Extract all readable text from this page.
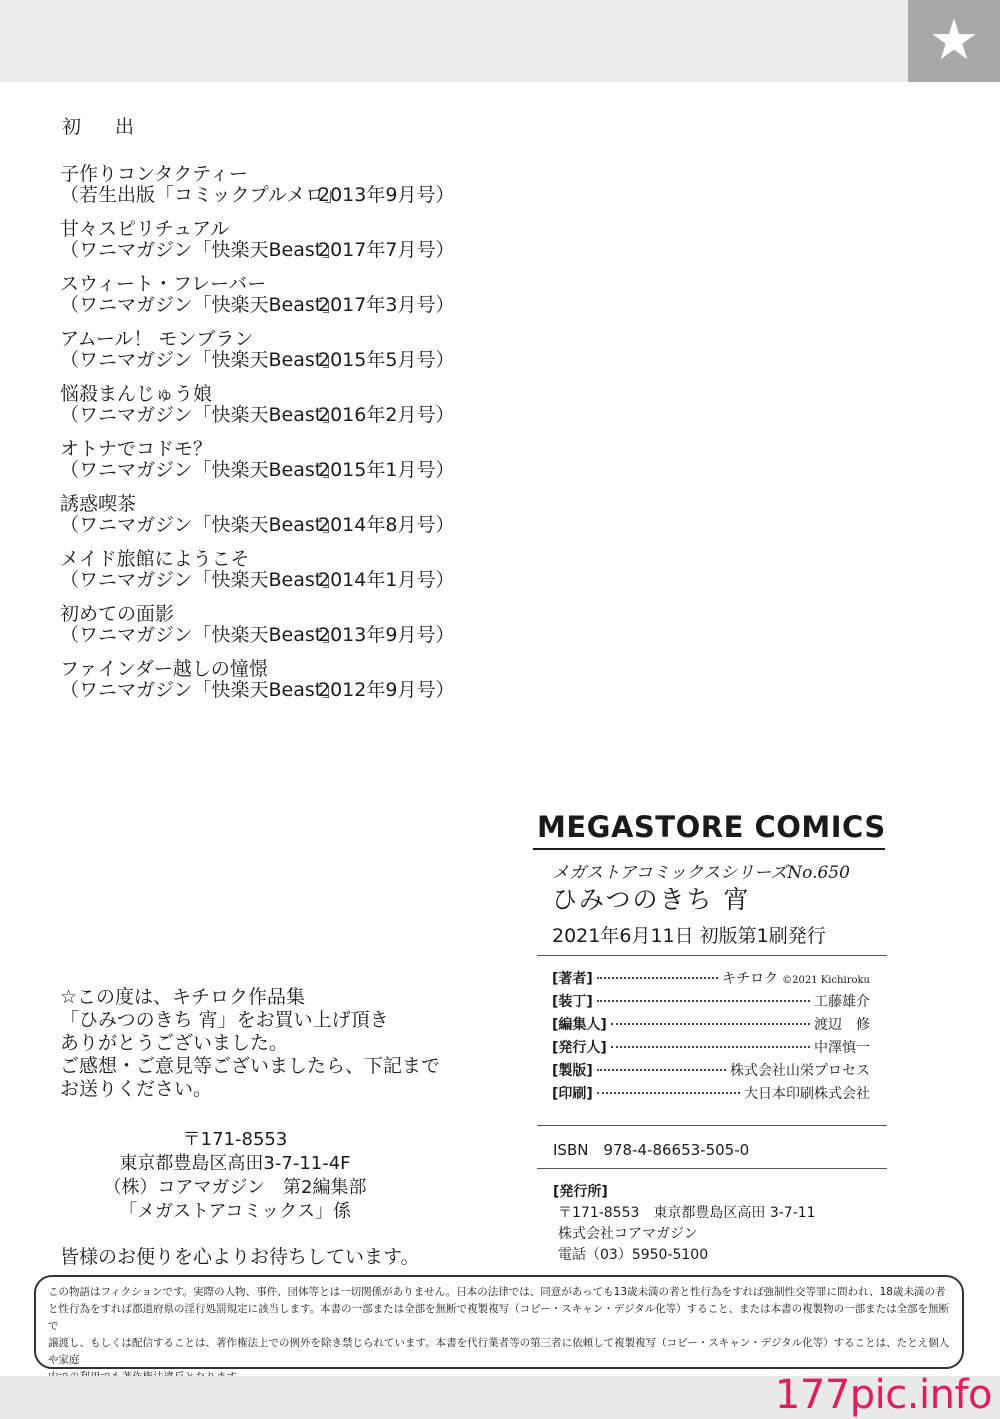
★
初 出
子作りコンタクティー
（若生出版「コミックプルメロ」
2013年9月号）
甘々スピリチュアル
（ワニマガジン「快楽天Beast」
2017年7月号）
スウィート・フレーバー
（ワニマガジン「快楽天Beast」
2017年3月号）
アムール！ モンブラン
（ワニマガジン「快楽天Beast」
2015年5月号）
悩殺まんじゅう娘
（ワニマガジン「快楽天Beast」
2016年2月号）
オトナでコドモ？
（ワニマガジン「快楽天Beast」
2015年1月号）
誘惑喫茶
（ワニマガジン「快楽天Beast」
2014年8月号）
メイド旅館にようこそ
（ワニマガジン「快楽天Beast」
2014年1月号）
初めての面影
（ワニマガジン「快楽天Beast」
2013年9月号）
ファインダー越しの憧憬
（ワニマガジン「快楽天Beast」
2012年9月号）
MEGASTORE COMICS
メガストアコミックスシリーズNo.650
ひみつのきち 宵
2021年6月11日 初版第1刷発行
[著者]	キチロク ©2021 Kichiroku
[装丁]	工藤雄介
[編集人]	渡辺　修
[発行人]	中澤慎一
[製版]	株式会社山栄プロセス
[印刷]	大日本印刷株式会社
ISBN　978-4-86653-505-0
[発行所]
〒171-8553　東京都豊島区高田 3-7-11
株式会社コアマガジン
電話（03）5950-5100
☆この度は、キチロク作品集
「ひみつのきち 宵」をお買い上げ頂き
ありがとうございました。
ご感想・ご意見等ございましたら、下記まで
お送りください。
〒171-8553
東京都豊島区高田3-7-11-4F
（株）コアマガジン　第2編集部
「メガストアコミックス」係
皆様のお便りを心よりお待ちしています。
この物語はフィクションです。実際の人物、事件、団体等とは一切関係がありません。日本の法律では、同意があっても13歳未満の者と性行為をすれば強制性交等罪に問われ、18歳未満の者
と性行為をすれば都道府県の淫行処罰規定に該当します。本書の一部または全部を無断で複製複写（コピー・スキャン・デジタル化等）すること、または本書の複製物の一部または全部を無断で
譲渡し、もしくは配信することは、著作権法上での例外を除き禁じられています。本書を代行業者等の第三者に依頼して複製複写（コピー・スキャン・デジタル化等）することは、たとえ個人や家庭
177pic.info
